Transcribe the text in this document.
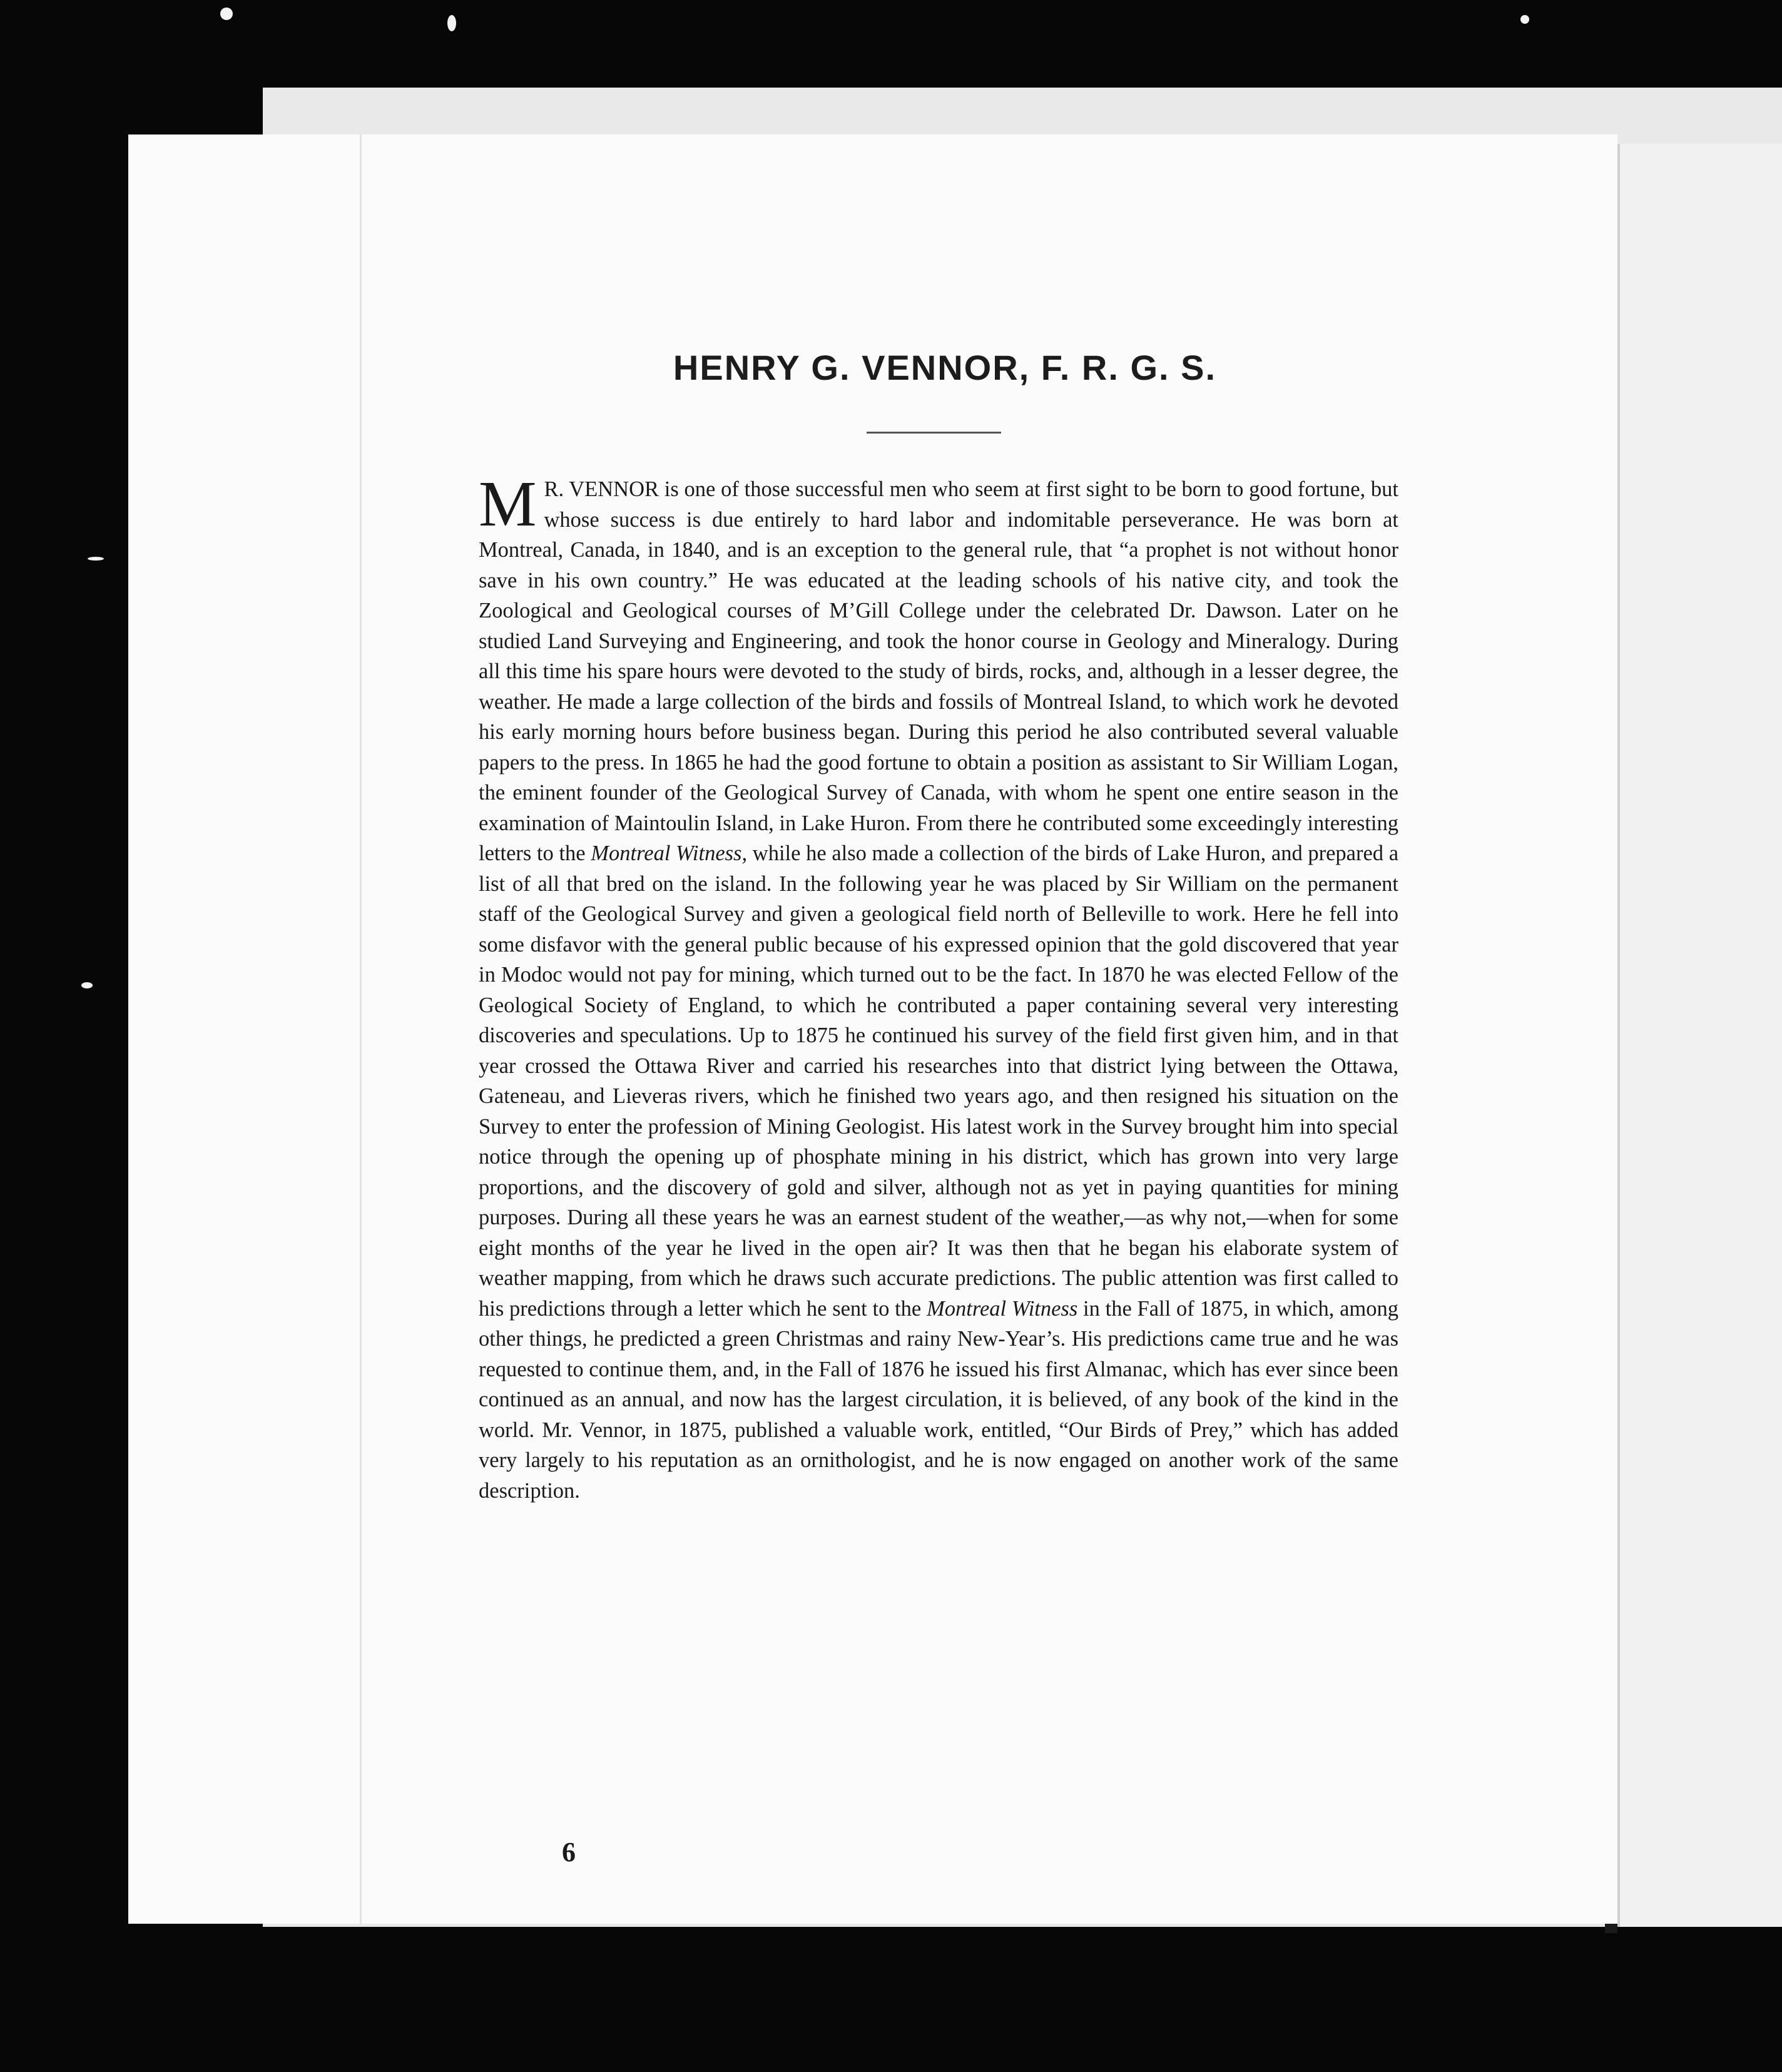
HENRY G. VENNOR, F. R. G. S.

M R. VENNOR is one of those successful men who seem at first sight to be born to good fortune, but whose success is due entirely to hard labor and indomitable perseverance. He was born at Montreal, Canada, in 1840, and is an exception to the general rule, that “a prophet is not without honor save in his own country.” He was educated at the leading schools of his native city, and took the Zoological and Geological courses of M’Gill College under the celebrated Dr. Dawson. Later on he studied Land Surveying and Engineering, and took the honor course in Geology and Mineralogy. During all this time his spare hours were devoted to the study of birds, rocks, and, although in a lesser degree, the weather. He made a large collection of the birds and fossils of Montreal Island, to which work he devoted his early morning hours before business began. During this period he also contributed several valuable papers to the press. In 1865 he had the good fortune to obtain a position as assistant to Sir William Logan, the eminent founder of the Geological Survey of Canada, with whom he spent one entire season in the examination of Maintoulin Island, in Lake Huron. From there he contributed some exceedingly interesting letters to the Montreal Witness, while he also made a collection of the birds of Lake Huron, and prepared a list of all that bred on the island. In the following year he was placed by Sir William on the permanent staff of the Geological Survey and given a geological field north of Belleville to work. Here he fell into some disfavor with the general public because of his expressed opinion that the gold discovered that year in Modoc would not pay for mining, which turned out to be the fact. In 1870 he was elected Fellow of the Geological Society of England, to which he contributed a paper containing several very interesting discoveries and speculations. Up to 1875 he continued his survey of the field first given him, and in that year crossed the Ottawa River and carried his researches into that district lying between the Ottawa, Gateneau, and Lieveras rivers, which he finished two years ago, and then resigned his situation on the Survey to enter the profession of Mining Geologist. His latest work in the Survey brought him into special notice through the opening up of phosphate mining in his district, which has grown into very large proportions, and the discovery of gold and silver, although not as yet in paying quantities for mining purposes. During all these years he was an earnest student of the weather,—as why not,—when for some eight months of the year he lived in the open air? It was then that he began his elaborate system of weather mapping, from which he draws such accurate predictions. The public attention was first called to his predictions through a letter which he sent to the Montreal Witness in the Fall of 1875, in which, among other things, he predicted a green Christmas and rainy New-Year’s. His predictions came true and he was requested to continue them, and, in the Fall of 1876 he issued his first Almanac, which has ever since been continued as an annual, and now has the largest circulation, it is believed, of any book of the kind in the world. Mr. Vennor, in 1875, published a valuable work, entitled, “Our Birds of Prey,” which has added very largely to his reputation as an ornithologist, and he is now engaged on another work of the same description.

6
